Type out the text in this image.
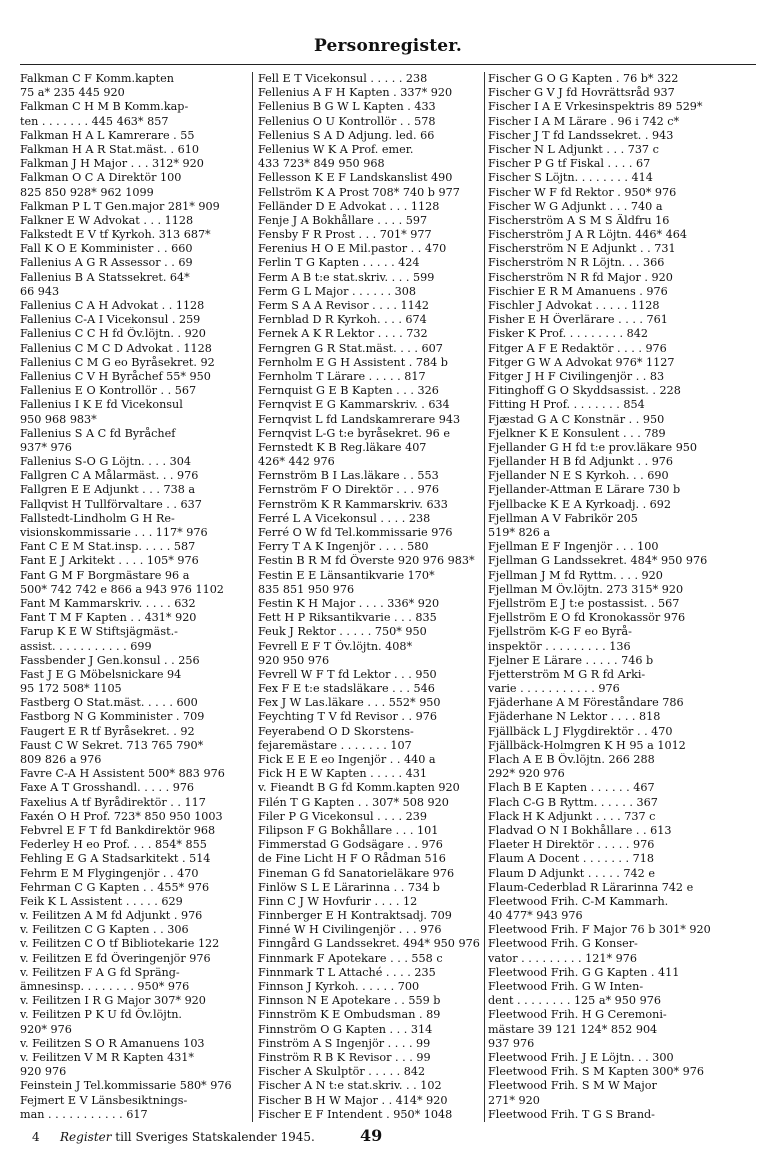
Personregister.
Falkman C F Komm.kapten
75 a* 235 445 920
Falkman C H M B Komm.kap-
ten . . . . . . . 445 463* 857
Falkman H A L Kamrerare . 55
Falkman H A R Stat.mäst. . 610
Falkman J H Major . . . 312* 920
Falkman O C A Direktör 100
825 850 928* 962 1099
Falkman P L T Gen.major 281* 909
Falkner E W Advokat . . . 1128
Falkstedt E V tf Kyrkoh. 313 687*
Fall K O E Komminister . . 660
Fallenius A G R Assessor . . 69
Fallenius B A Statssekret. 64*
66 943
Fallenius C A H Advokat . . 1128
Fallenius C-A I Vicekonsul . 259
Fallenius C C H fd Öv.löjtn. . 920
Fallenius C M C D Advokat . 1128
Fallenius C M G eo Byråsekret. 92
Fallenius C V H Byråchef 55* 950
Fallenius E O Kontrollör . . 567
Fallenius I K E fd Vicekonsul
950 968 983*
Fallenius S A C fd Byråchef
937* 976
Fallenius S-O G Löjtn. . . . 304
Fallgren C A Målarmäst. . . 976
Fallgren E E Adjunkt . . . 738 a
Fallqvist H Tullförvaltare . . 637
Fallstedt-Lindholm G H Re-
visionskommissarie . . . 117* 976
Fant C E M Stat.insp. . . . . 587
Fant E J Arkitekt . . . . 105* 976
Fant G M F Borgmästare 96 a
500* 742 742 e 866 a 943 976 1102
Fant M Kammarskriv. . . . . 632
Fant T M F Kapten . . 431* 920
Farup K E W Stiftsjägmäst.-
assist. . . . . . . . . . . 699
Fassbender J Gen.konsul . . 256
Fast J E G Möbelsnickare 94
95 172 508* 1105
Fastberg O Stat.mäst. . . . . 600
Fastborg N G Komminister . 709
Faugert E R tf Byråsekret. . 92
Faust C W Sekret. 713 765 790*
809 826 a 976
Favre C-A H Assistent 500* 883 976
Faxe A T Grosshandl. . . . . 976
Faxelius A tf Byrådirektör . . 117
Faxén O H Prof. 723* 850 950 1003
Febvrel E F T fd Bankdirektör 968
Federley H eo Prof. . . . 854* 855
Fehling E G A Stadsarkitekt . 514
Fehrm E M Flygingenjör . . 470
Fehrman C G Kapten . . 455* 976
Feik K L Assistent . . . . . 629
v. Feilitzen A M fd Adjunkt . 976
v. Feilitzen C G Kapten . . 306
v. Feilitzen C O tf Bibliotekarie 122
v. Feilitzen E fd Överingenjör 976
v. Feilitzen F A G fd Spräng-
ämnesinsp. . . . . . . . 950* 976
v. Feilitzen I R G Major 307* 920
v. Feilitzen P K U fd Öv.löjtn.
920* 976
v. Feilitzen S O R Amanuens 103
v. Feilitzen V M R Kapten 431*
920 976
Feinstein J Tel.kommissarie 580* 976
Fejmert E V Länsbesiktnings-
man . . . . . . . . . . . 617
Fell E T Vicekonsul . . . . . 238
Fellenius A F H Kapten . 337* 920
Fellenius B G W L Kapten . 433
Fellenius O U Kontrollör . . 578
Fellenius S A D Adjung. led. 66
Fellenius W K A Prof. emer.
433 723* 849 950 968
Fellesson K E F Landskanslist 490
Fellström K A Prost 708* 740 b 977
Felländer D E Advokat . . . 1128
Fenje J A Bokhållare . . . . 597
Fensby F R Prost . . . 701* 977
Ferenius H O E Mil.pastor . . 470
Ferlin T G Kapten . . . . . 424
Ferm A B t:e stat.skriv. . . . 599
Ferm G L Major . . . . . . 308
Ferm S A A Revisor . . . . 1142
Fernblad D R Kyrkoh. . . . 674
Fernek A K R Lektor . . . . 732
Ferngren G R Stat.mäst. . . . 607
Fernholm E G H Assistent . 784 b
Fernholm T Lärare . . . . . 817
Fernquist G E B Kapten . . . 326
Fernqvist E G Kammarskriv. . 634
Fernqvist L fd Landskamrerare 943
Fernqvist L-G t:e byråsekret. 96 e
Fernstedt K B Reg.läkare 407
426* 442 976
Fernström B I Las.läkare . . 553
Fernström F O Direktör . . . 976
Fernström K R Kammarskriv. 633
Ferré L A Vicekonsul . . . . 238
Ferré O W fd Tel.kommissarie 976
Ferry T A K Ingenjör . . . . 580
Festin B R M fd Överste 920 976 983*
Festin E E Länsantikvarie 170*
835 851 950 976
Festin K H Major . . . . 336* 920
Fett H P Riksantikvarie . . . 835
Feuk J Rektor . . . . . 750* 950
Fevrell E F T Öv.löjtn. 408*
920 950 976
Fevrell W F T fd Lektor . . . 950
Fex F E t:e stadsläkare . . . 546
Fex J W Las.läkare . . . 552* 950
Feychting T V fd Revisor . . 976
Feyerabend O D Skorstens-
fejaremästare . . . . . . . 107
Fick E E E eo Ingenjör . . 440 a
Fick H E W Kapten . . . . . 431
v. Fieandt B G fd Komm.kapten 920
Filén T G Kapten . . 307* 508 920
Filer P G Vicekonsul . . . . 239
Filipson F G Bokhållare . . . 101
Fimmerstad G Godsägare . . 976
de Fine Licht H F O Rådman 516
Fineman G fd Sanatorieläkare 976
Finlöw S L E Lärarinna . . 734 b
Finn C J W Hovfurir . . . . 12
Finnberger E H Kontraktsadj. 709
Finné W H Civilingenjör . . . 976
Finngård G Landssekret. 494* 950 976
Finnmark F Apotekare . . . 558 c
Finnmark T L Attaché . . . . 235
Finnson J Kyrkoh. . . . . . 700
Finnson N E Apotekare . . 559 b
Finnström K E Ombudsman . 89
Finnström O G Kapten . . . 314
Finström A S Ingenjör . . . . 99
Finström R B K Revisor . . . 99
Fischer A Skulptör . . . . . 842
Fischer A N t:e stat.skriv. . . 102
Fischer B H W Major . . 414* 920
Fischer E F Intendent . 950* 1048
Fischer G O G Kapten . 76 b* 322
Fischer G V J fd Hovrättsråd 937
Fischer I A E Vrkesinspektris 89 529*
Fischer I A M Lärare . 96 i 742 c*
Fischer J T fd Landssekret. . 943
Fischer N L Adjunkt . . . 737 c
Fischer P G tf Fiskal . . . . 67
Fischer S Löjtn. . . . . . . . 414
Fischer W F fd Rektor . 950* 976
Fischer W G Adjunkt . . . 740 a
Fischerström A S M S Äldfru 16
Fischerström J A R Löjtn. 446* 464
Fischerström N E Adjunkt . . 731
Fischerström N R Löjtn. . . 366
Fischerström N R fd Major . 920
Fischier E R M Amanuens . 976
Fischler J Advokat . . . . . 1128
Fisher E H Överlärare . . . . 761
Fisker K Prof. . . . . . . . . 842
Fitger A F E Redaktör . . . . 976
Fitger G W A Advokat 976* 1127
Fitger J H F Civilingenjör . . 83
Fitinghoff G O Skyddsassist. . 228
Fitting H Prof. . . . . . . . 854
Fjæstad G A C Konstnär . . 950
Fjelkner K E Konsulent . . . 789
Fjellander G H fd t:e prov.läkare 950
Fjellander H B fd Adjunkt . . 976
Fjellander N E S Kyrkoh. . . 690
Fjellander-Attman E Lärare 730 b
Fjellbacke K E A Kyrkoadj. . 692
Fjellman A V Fabrikör 205
519* 826 a
Fjellman E F Ingenjör . . . 100
Fjellman G Landssekret. 484* 950 976
Fjellman J M fd Ryttm. . . . 920
Fjellman M Öv.löjtn. 273 315* 920
Fjellström E J t:e postassist. . 567
Fjellström E O fd Kronokassör 976
Fjellström K-G F eo Byrå-
inspektör . . . . . . . . . 136
Fjelner E Lärare . . . . . 746 b
Fjetterström M G R fd Arki-
varie . . . . . . . . . . . 976
Fjäderhane A M Föreståndare 786
Fjäderhane N Lektor . . . . 818
Fjällbäck L J Flygdirektör . . 470
Fjällbäck-Holmgren K H 95 a 1012
Flach A E B Öv.löjtn. 266 288
292* 920 976
Flach B E Kapten . . . . . . 467
Flach C-G B Ryttm. . . . . . 367
Flack H K Adjunkt . . . . 737 c
Fladvad O N I Bokhållare . . 613
Flaeter H Direktör . . . . . 976
Flaum A Docent . . . . . . . 718
Flaum D Adjunkt . . . . . 742 e
Flaum-Cederblad R Lärarinna 742 e
Fleetwood Frih. C-M Kammarh.
40 477* 943 976
Fleetwood Frih. F Major 76 b 301* 920
Fleetwood Frih. G Konser-
vator . . . . . . . . . 121* 976
Fleetwood Frih. G G Kapten . 411
Fleetwood Frih. G W Inten-
dent . . . . . . . . 125 a* 950 976
Fleetwood Frih. H G Ceremoni-
mästare 39 121 124* 852 904
937 976
Fleetwood Frih. J E Löjtn. . . 300
Fleetwood Frih. S M Kapten 300* 976
Fleetwood Frih. S M W Major
271* 920
Fleetwood Frih. T G S Brand-
4 Register till Sveriges Statskalender 1945.	49
